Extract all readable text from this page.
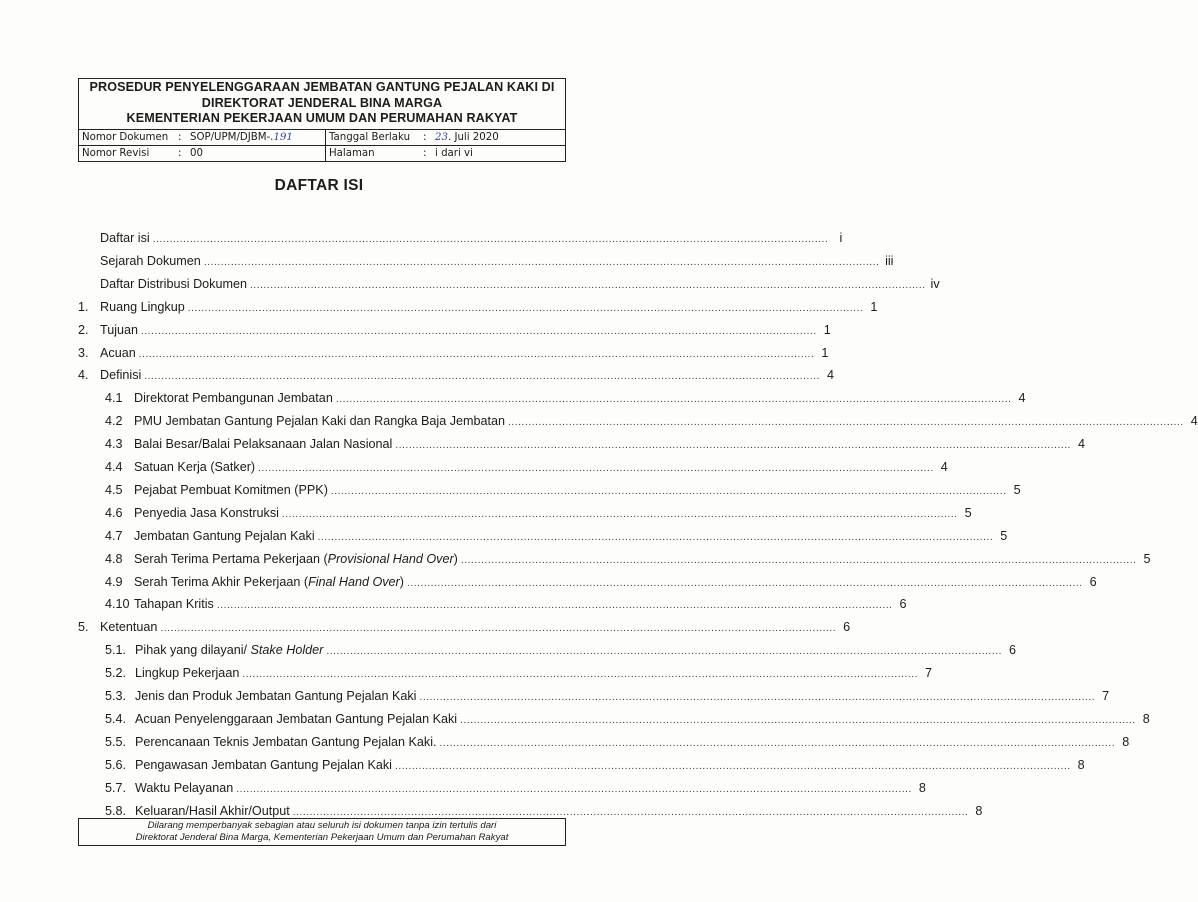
PROSEDUR PENYELENGGARAAN JEMBATAN GANTUNG PEJALAN KAKI DI
DIREKTORAT JENDERAL BINA MARGA
KEMENTERIAN PEKERJAAN UMUM DAN PERUMAHAN RAKYAT
Nomor Dokumen : SOP/UPM/DJBM-. 191	Tanggal Berlaku	: 23 . Juli 2020
Nomor Revisi	: 00	Halaman	: i dari vi
DAFTAR ISI
Daftar isi ........................................................................................................................................................................................................ i
Sejarah Dokumen ........................................................................................................................................................................................................ iii
Daftar Distribusi Dokumen ........................................................................................................................................................................................................ iv
1. Ruang Lingkup ........................................................................................................................................................................................................ 1
2. Tujuan ........................................................................................................................................................................................................ 1
3. Acuan ........................................................................................................................................................................................................ 1
4. Definisi ........................................................................................................................................................................................................ 4
4.1 Direktorat Pembangunan Jembatan ........................................................................................................................................................................................................ 4
4.2 PMU Jembatan Gantung Pejalan Kaki dan Rangka Baja Jembatan ........................................................................................................................................................................................................ 4
4.3 Balai Besar/Balai Pelaksanaan Jalan Nasional ........................................................................................................................................................................................................ 4
4.4 Satuan Kerja (Satker) ........................................................................................................................................................................................................ 4
4.5 Pejabat Pembuat Komitmen (PPK) ........................................................................................................................................................................................................ 5
4.6 Penyedia Jasa Konstruksi ........................................................................................................................................................................................................ 5
4.7 Jembatan Gantung Pejalan Kaki ........................................................................................................................................................................................................ 5
4.8 Serah Terima Pertama Pekerjaan (Provisional Hand Over) ........................................................................................................................................................................................................ 5
4.9 Serah Terima Akhir Pekerjaan (Final Hand Over) ........................................................................................................................................................................................................ 6
4.10 Tahapan Kritis ........................................................................................................................................................................................................ 6
5. Ketentuan ........................................................................................................................................................................................................ 6
5.1. Pihak yang dilayani/ Stake Holder ........................................................................................................................................................................................................ 6
5.2. Lingkup Pekerjaan ........................................................................................................................................................................................................ 7
5.3. Jenis dan Produk Jembatan Gantung Pejalan Kaki ........................................................................................................................................................................................................ 7
5.4. Acuan Penyelenggaraan Jembatan Gantung Pejalan Kaki ........................................................................................................................................................................................................ 8
5.5. Perencanaan Teknis Jembatan Gantung Pejalan Kaki. ........................................................................................................................................................................................................ 8
5.6. Pengawasan Jembatan Gantung Pejalan Kaki ........................................................................................................................................................................................................ 8
5.7. Waktu Pelayanan ........................................................................................................................................................................................................ 8
5.8. Keluaran/Hasil Akhir/Output ........................................................................................................................................................................................................ 8
Dilarang memperbanyak sebagian atau seluruh isi dokumen tanpa izin tertulis dari
Direktorat Jenderal Bina Marga, Kementerian Pekerjaan Umum dan Perumahan Rakyat
